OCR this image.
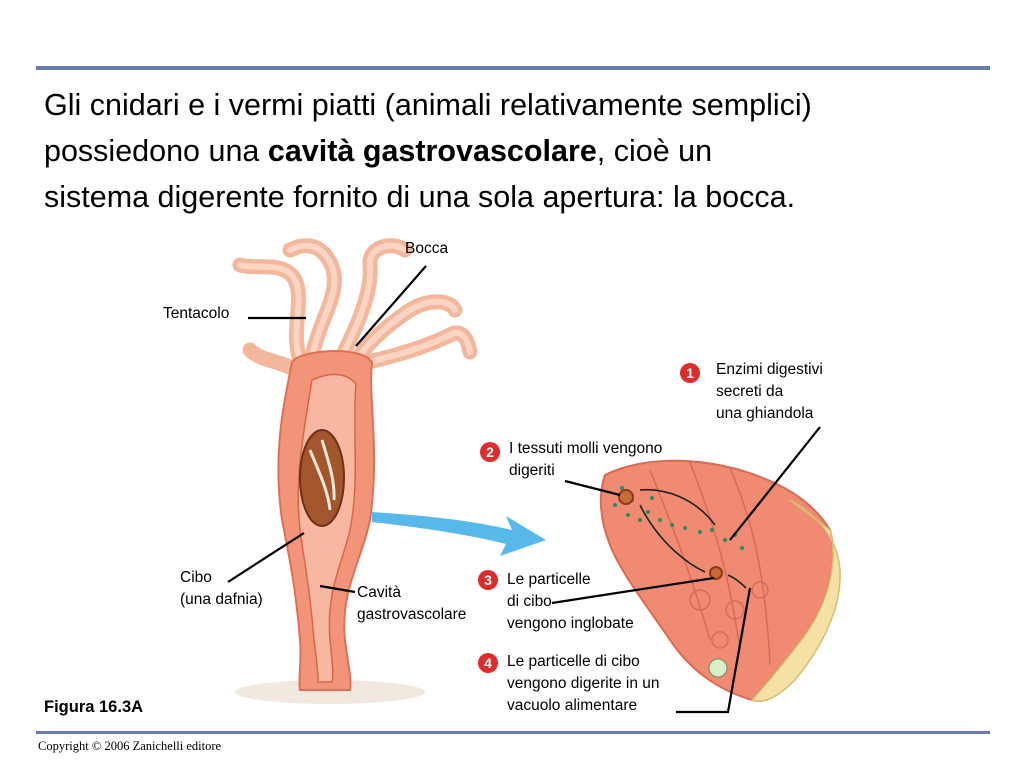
Gli cnidari e i vermi piatti (animali relativamente semplici)
possiedono una cavità gastrovascolare, cioè un
sistema digerente fornito di una sola apertura: la bocca.
Bocca
Tentacolo
Cibo
(una dafnia)	Cavità
gastrovascolare
1	Enzimi digestivi
secreti da
una ghiandola
2 I tessuti molli vengono
digeriti
3 Le particelle
di cibo
vengono inglobate
4 Le particelle di cibo
vengono digerite in un
vacuolo alimentare
Figura 16.3A
Copyright © 2006 Zanichelli editore
